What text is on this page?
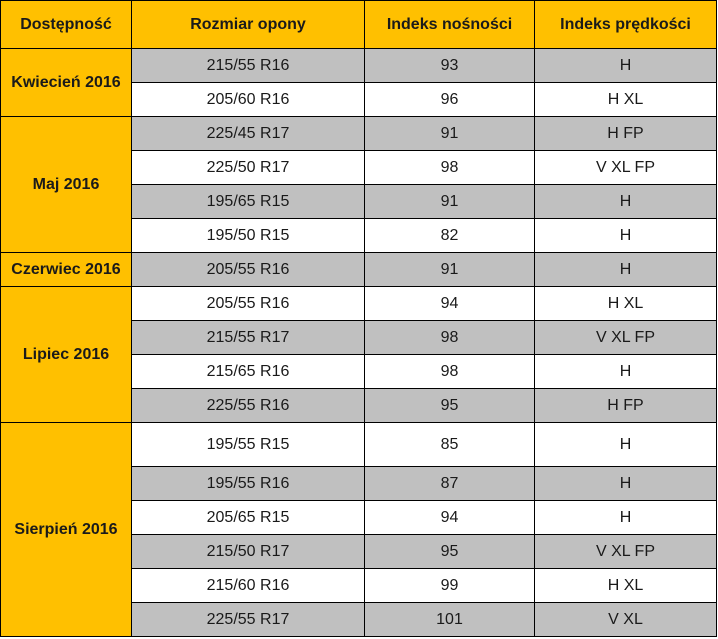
Dostępność	Rozmiar opony	Indeks nośności	Indeks prędkości
Kwiecień 2016	215/55 R16	93	H
	205/60 R16	96	H XL
Maj 2016	225/45 R17	91	H FP
	225/50 R17	98	V XL FP
	195/65 R15	91	H
	195/50 R15	82	H
Czerwiec 2016	205/55 R16	91	H
Lipiec 2016	205/55 R16	94	H XL
	215/55 R17	98	V XL FP
	215/65 R16	98	H
	225/55 R16	95	H FP
Sierpień 2016	195/55 R15	85	H
	195/55 R16	87	H
	205/65 R15	94	H
	215/50 R17	95	V XL FP
	215/60 R16	99	H XL
	225/55 R17	101	V XL
